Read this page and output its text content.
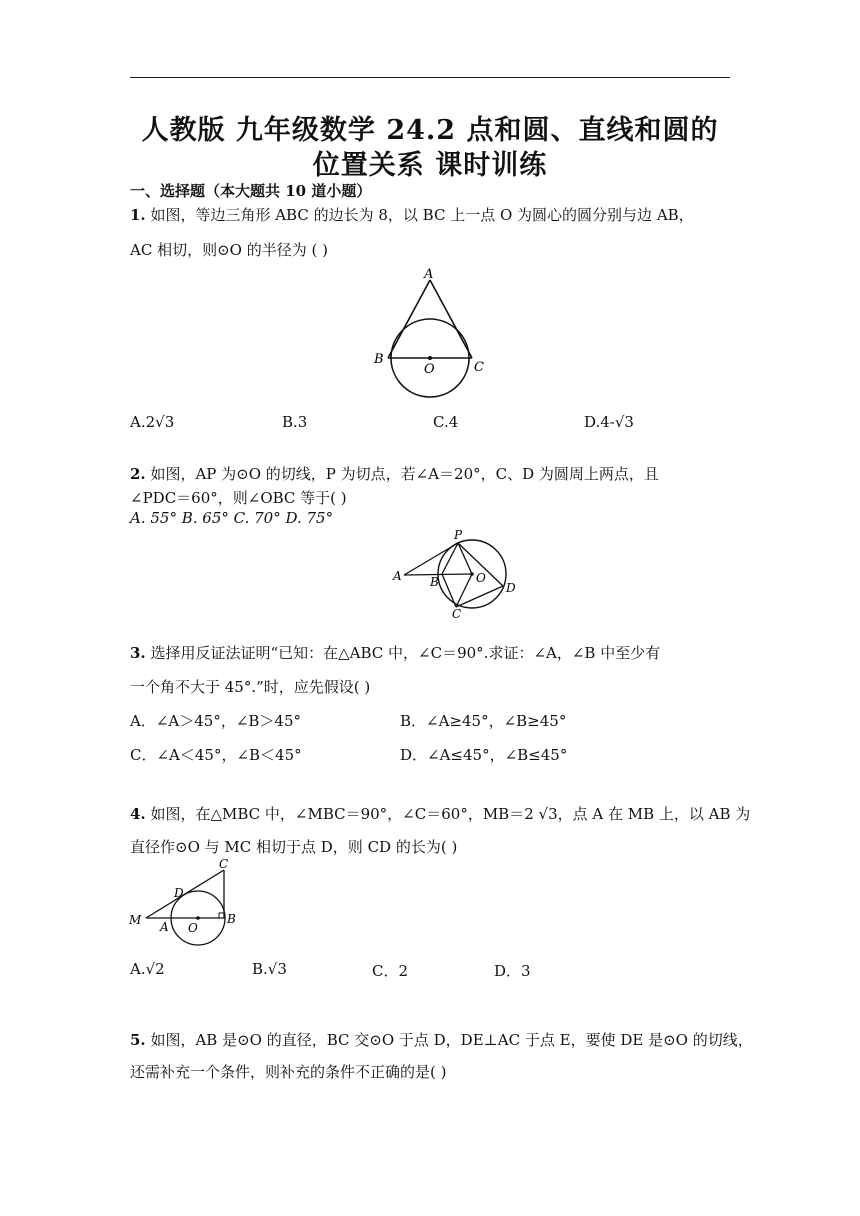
人教版 九年级数学 24.2 点和圆、直线和圆的
位置关系 课时训练
一、选择题（本大题共 10 道小题）
1. 如图，等边三角形 ABC 的边长为 8，以 BC 上一点 O 为圆心的圆分别与边 AB，
AC 相切，则⊙O 的半径为 ( )
A
B
C
O
A.2√3	B.3	C.4	D.4-√3
2. 如图，AP 为⊙O 的切线，P 为切点，若∠A＝20°，C、D 为圆周上两点，且
∠PDC＝60°，则∠OBC 等于( )
A. 55° B. 65° C. 70° D. 75°
P
A B	O
D
C
3. 选择用反证法证明“已知：在△ABC 中，∠C＝90°.求证：∠A，∠B 中至少有
一个角不大于 45°.”时，应先假设( )
A．∠A＞45°，∠B＞45°	B．∠A≥45°，∠B≥45°
C．∠A＜45°，∠B＜45°	D．∠A≤45°，∠B≤45°
4. 如图，在△MBC 中，∠MBC＝90°，∠C＝60°，MB＝2 √3，点 A 在 MB 上，以 AB 为
直径作⊙O 与 MC 相切于点 D，则 CD 的长为( )
C
D
M A O
B
A.√2	B.√3	C．2	D．3
5. 如图，AB 是⊙O 的直径，BC 交⊙O 于点 D，DE⊥AC 于点 E，要使 DE 是⊙O 的切线，
还需补充一个条件，则补充的条件不正确的是( )
